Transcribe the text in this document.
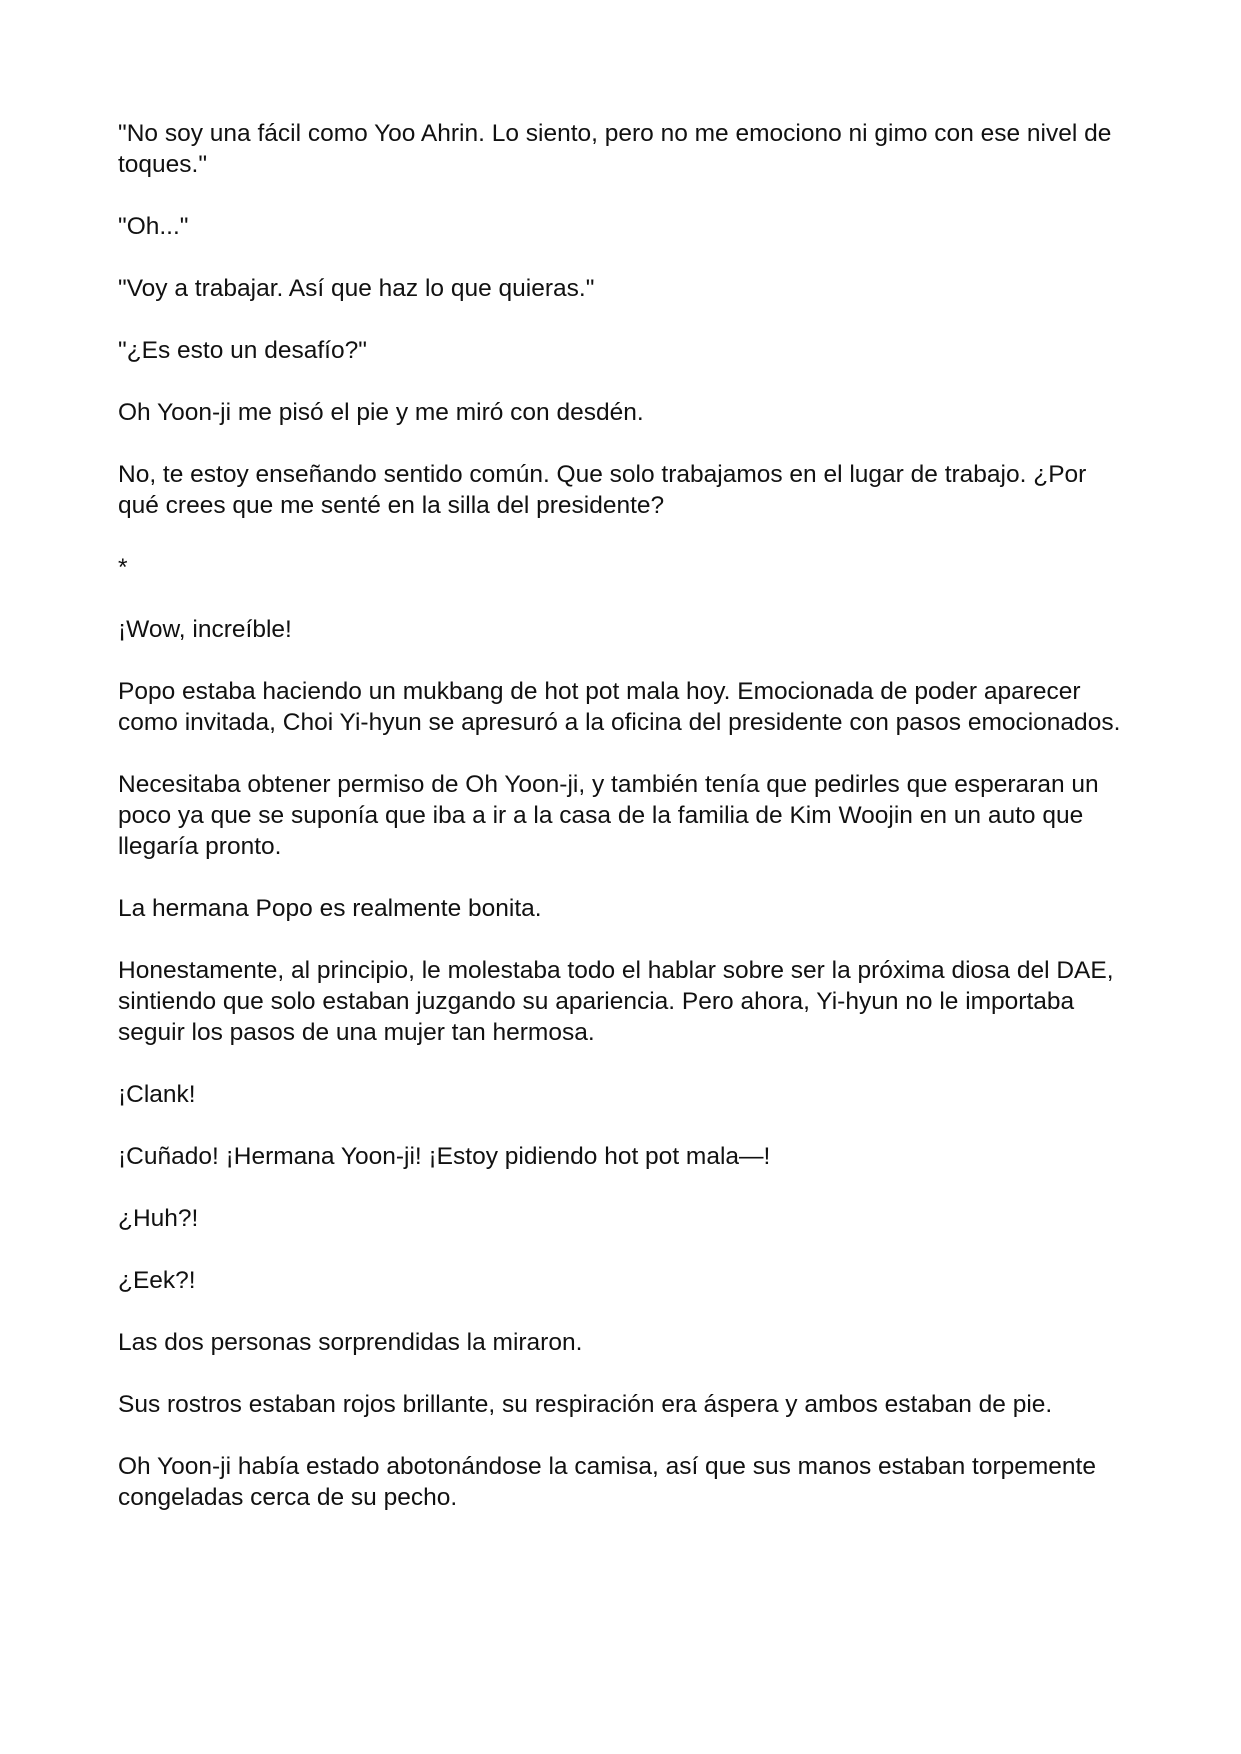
"No soy una fácil como Yoo Ahrin. Lo siento, pero no me emociono ni gimo con ese nivel de toques."

"Oh..."

"Voy a trabajar. Así que haz lo que quieras."

"¿Es esto un desafío?"

Oh Yoon-ji me pisó el pie y me miró con desdén.

No, te estoy enseñando sentido común. Que solo trabajamos en el lugar de trabajo. ¿Por qué crees que me senté en la silla del presidente?

*

¡Wow, increíble!

Popo estaba haciendo un mukbang de hot pot mala hoy. Emocionada de poder aparecer como invitada, Choi Yi-hyun se apresuró a la oficina del presidente con pasos emocionados.

Necesitaba obtener permiso de Oh Yoon-ji, y también tenía que pedirles que esperaran un poco ya que se suponía que iba a ir a la casa de la familia de Kim Woojin en un auto que llegaría pronto.

La hermana Popo es realmente bonita.

Honestamente, al principio, le molestaba todo el hablar sobre ser la próxima diosa del DAE, sintiendo que solo estaban juzgando su apariencia. Pero ahora, Yi-hyun no le importaba seguir los pasos de una mujer tan hermosa.

¡Clank!

¡Cuñado! ¡Hermana Yoon-ji! ¡Estoy pidiendo hot pot mala—!

¿Huh?!

¿Eek?!

Las dos personas sorprendidas la miraron.

Sus rostros estaban rojos brillante, su respiración era áspera y ambos estaban de pie.

Oh Yoon-ji había estado abotonándose la camisa, así que sus manos estaban torpemente congeladas cerca de su pecho.
